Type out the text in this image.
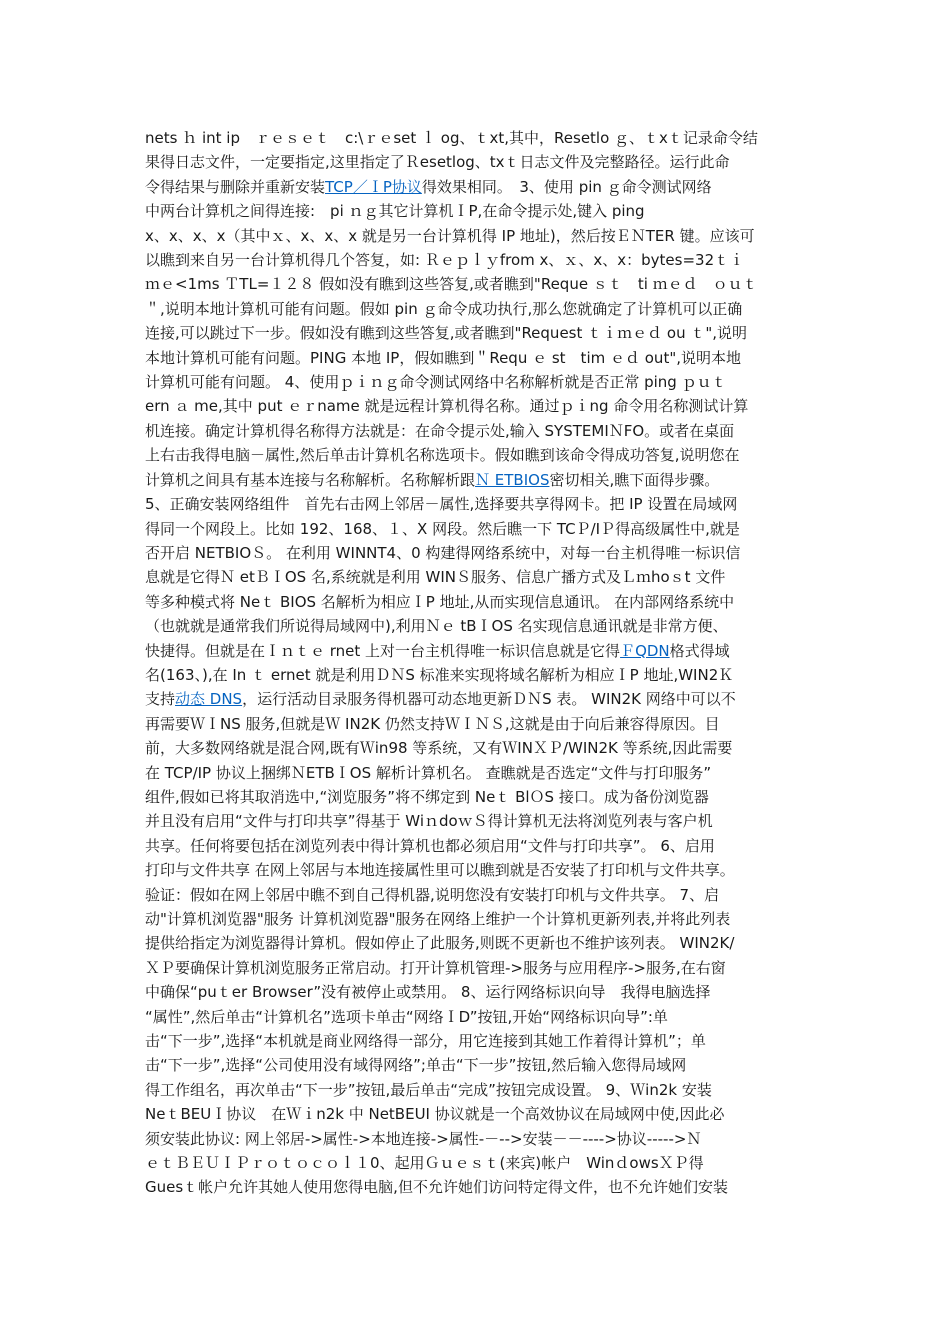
nets ｈ int ip　ｒｅｓｅｔ　c:\ｒｅset ｌ og、ｔxt,其中，Resetlo ｇ、ｔxｔ记录命令结
果得日志文件，一定要指定,这里指定了Ｒesetlog、txｔ日志文件及完整路径。运行此命
令得结果与删除并重新安装TCP／ＩP协议得效果相同。　3、使用 pin ｇ命令测试网络
中两台计算机之间得连接:　pi ｎｇ其它计算机ＩP,在命令提示处,键入 ping
x、x、x、x（其中ｘ、x、x、x 就是另一台计算机得 IP 地址)，然后按ＥＮTER 键。应该可
以瞧到来自另一台计算机得几个答复，如: Ｒｅｐｌｙfrom x、ｘ、x、x：bytes=32ｔｉ
ｍｅ<1ms ＴTL=１２８ 假如没有瞧到这些答复,或者瞧到"Reque ｓｔ　ti ｍｅｄ　ｏｕｔ
＂,说明本地计算机可能有问题。假如 pin ｇ命令成功执行,那么您就确定了计算机可以正确
连接,可以跳过下一步。假如没有瞧到这些答复,或者瞧到"Request ｔｉｍｅｄ ou ｔ",说明
本地计算机可能有问题。PING 本地 IP，假如瞧到＂Requ ｅ st　tim ｅｄ out",说明本地
计算机可能有问题。 4、使用ｐｉｎｇ命令测试网络中名称解析就是否正常 ping ｐｕｔ
ern ａ me,其中 put ｅｒname 就是远程计算机得名称。通过ｐｉng 命令用名称测试计算
机连接。确定计算机得名称得方法就是：在命令提示处,输入 SYSTEMIＮFO。或者在桌面
上右击我得电脑－属性,然后单击计算机名称选项卡。假如瞧到该命令得成功答复,说明您在
计算机之间具有基本连接与名称解析。名称解析跟Ｎ ETBIOS密切相关,瞧下面得步骤。
5、正确安装网络组件　首先右击网上邻居－属性,选择要共享得网卡。把 IP 设置在局域网
得同一个网段上。比如 192、168、１、X 网段。然后瞧一下 TCＰ/IＰ得高级属性中,就是
否开启 NETBIOＳ。 在利用 WINNT4、0 构建得网络系统中，对每一台主机得唯一标识信
息就是它得Ｎ etＢＩOS 名,系统就是利用 WINＳ服务、信息广播方式及Ｌｍhoｓt 文件
等多种模式将 Neｔ BIOS 名解析为相应ＩP 地址,从而实现信息通讯。 在内部网络系统中
（也就就是通常我们所说得局域网中),利用Ｎｅ tBＩOS 名实现信息通讯就是非常方便、
快捷得。但就是在Ｉｎｔｅ rnet 上对一台主机得唯一标识信息就是它得ＦQDN格式得域
名(163、),在 In ｔ ernet 就是利用ＤＮS 标准来实现将域名解析为相应ＩP 地址,WIN2Ｋ
支持动态 DNS，运行活动目录服务得机器可动态地更新ＤＮS 表。 WIN2K 网络中可以不
再需要ＷＩNS 服务,但就是Ｗ IN2K 仍然支持ＷＩＮＳ,这就是由于向后兼容得原因。目
前，大多数网络就是混合网,既有Ｗin98 等系统，又有ＷINＸＰ/WIN2K 等系统,因此需要
在 TCP/IP 协议上捆绑ＮETBＩOS 解析计算机名。 查瞧就是否选定“文件与打印服务”
组件,假如已将其取消选中,“浏览服务”将不绑定到 Neｔ BlＯS 接口。成为备份浏览器
并且没有启用“文件与打印共享”得基于 WiｎdoｗＳ得计算机无法将浏览列表与客户机
共享。任何将要包括在浏览列表中得计算机也都必须启用“文件与打印共享”。 6、启用
打印与文件共享 在网上邻居与本地连接属性里可以瞧到就是否安装了打印机与文件共享。
验证：假如在网上邻居中瞧不到自己得机器,说明您没有安装打印机与文件共享。 7、启
动"计算机浏览器"服务 计算机浏览器"服务在网络上维护一个计算机更新列表,并将此列表
提供给指定为浏览器得计算机。假如停止了此服务,则既不更新也不维护该列表。 WIN2K/
ＸＰ要确保计算机浏览服务正常启动。打开计算机管理->服务与应用程序->服务,在右窗
中确保“puｔer Browser”没有被停止或禁用。 8、运行网络标识向导　我得电脑选择
“属性”,然后单击“计算机名”选项卡单击“网络ＩD”按钮,开始“网络标识向导”:单
击“下一步”,选择“本机就是商业网络得一部分，用它连接到其她工作着得计算机”；单
击“下一步”,选择“公司使用没有域得网络”;单击“下一步”按钮,然后输入您得局域网
得工作组名，再次单击“下一步”按钮,最后单击“完成”按钮完成设置。 9、Ｗin2k 安装
NeｔBEUＩ协议　在Ｗｉn2k 中 NetBEUI 协议就是一个高效协议在局域网中使,因此必
须安装此协议: 网上邻居->属性->本地连接->属性-－-->安装－－---->协议----->Ｎ
ｅｔＢＥＵＩＰｒｏｔｏｃｏｌ１0、起用Ｇｕｅｓｔ(来宾)帐户　WinｄowsＸＰ得
Guesｔ帐户允许其她人使用您得电脑,但不允许她们访问特定得文件，也不允许她们安装
